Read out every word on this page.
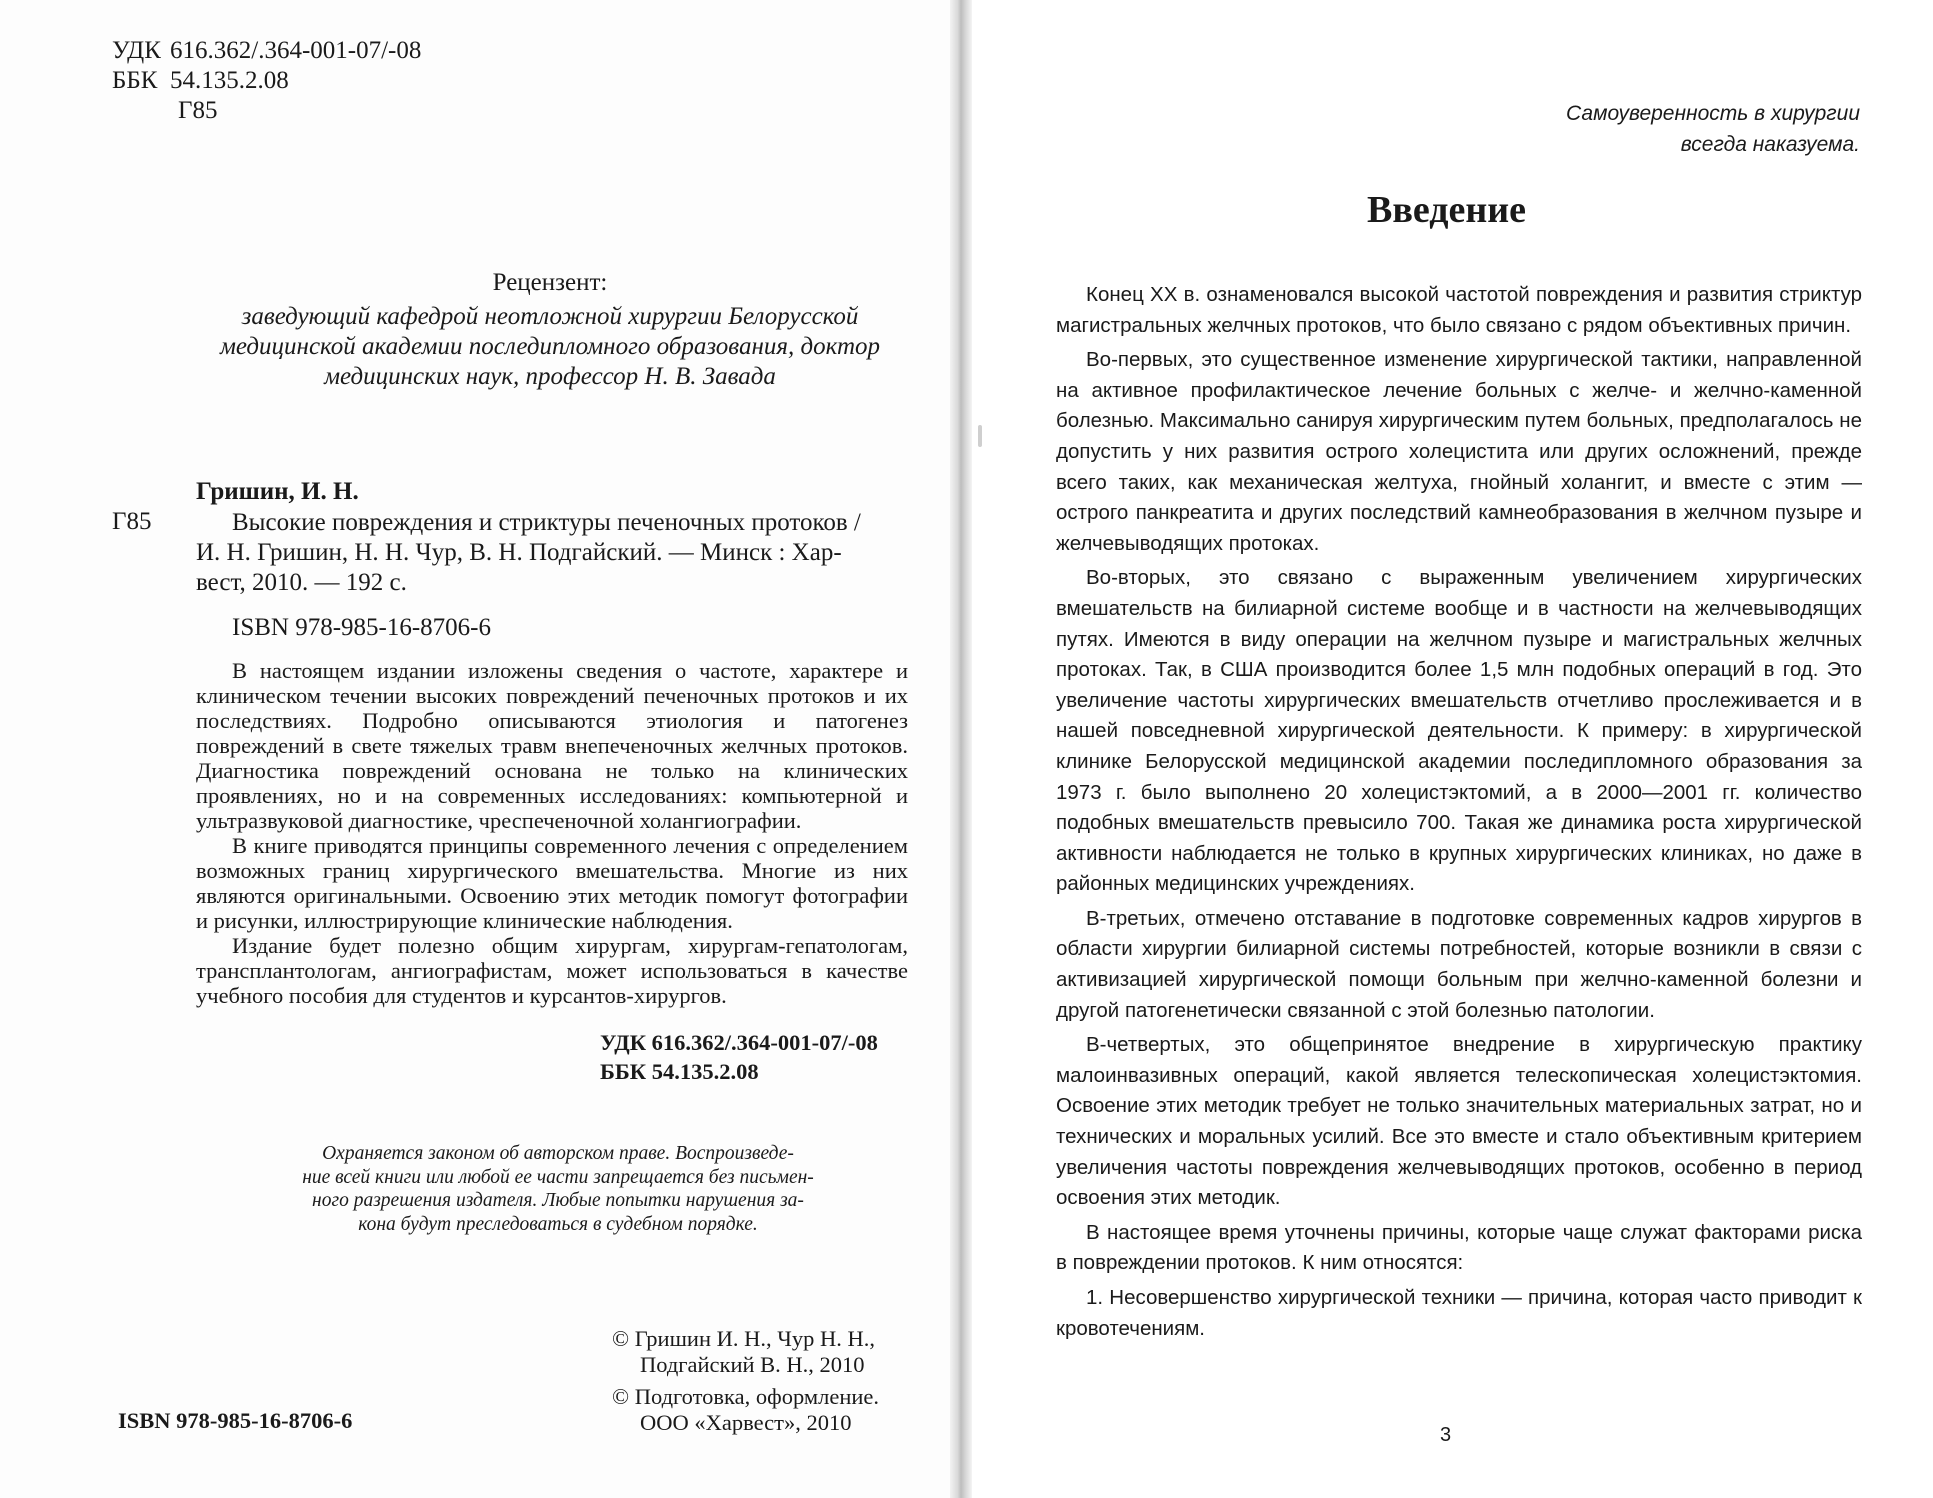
УДК 616.362/.364-001-07/-08
ББК 54.135.2.08
Г85
Рецензент:
заведующий кафедрой неотложной хирургии Белорусской
медицинской академии последипломного образования, доктор
медицинских наук, профессор Н. В. Завада
Гришин, И. Н.
Г85	Высокие повреждения и стриктуры печеночных протоков /
И. Н. Гришин, Н. Н. Чур, В. Н. Подгайский. — Минск : Хар-
вест, 2010. — 192 с.
ISBN 978-985-16-8706-6

В настоящем издании изложены сведения о частоте, характере и клиническом течении высоких повреждений печеночных протоков и их последствиях. Подробно описываются этиология и патогенез повреждений в свете тяжелых травм внепеченочных желчных протоков. Диагностика повреждений основана не только на клинических проявлениях, но и на современных исследованиях: компьютерной и ультразвуковой диагностике, чреспеченочной холангиографии.

В книге приводятся принципы современного лечения с определением возможных границ хирургического вмешательства. Многие из них являются оригинальными. Освоению этих методик помогут фотографии и рисунки, иллюстрирующие клинические наблюдения.

Издание будет полезно общим хирургам, хирургам-гепатологам, трансплантологам, ангиографистам, может использоваться в качестве учебного пособия для студентов и курсантов-хирургов.

УДК 616.362/.364-001-07/-08
ББК 54.135.2.08
Охраняется законом об авторском праве. Воспроизведе-
ние всей книги или любой ее части запрещается без письмен-
ного разрешения издателя. Любые попытки нарушения за-
кона будут преследоваться в судебном порядке.
© Гришин И. Н., Чур Н. Н.,
Подгайский В. Н., 2010
© Подготовка, оформление.
ООО «Харвест», 2010
ISBN 978-985-16-8706-6
Самоуверенность в хирургии
всегда наказуема.
Введение

Конец XX в. ознаменовался высокой частотой повреждения и развития стриктур магистральных желчных протоков, что было связано с рядом объективных причин.

Во-первых, это существенное изменение хирургической тактики, направленной на активное профилактическое лечение больных с желче- и желчно-каменной болезнью. Максимально санируя хирургическим путем больных, предполагалось не допустить у них развития острого холецистита или других осложнений, прежде всего таких, как механическая желтуха, гнойный холангит, и вместе с этим — острого панкреатита и других последствий камнеобразования в желчном пузыре и желчевыводящих протоках.

Во-вторых, это связано с выраженным увеличением хирургических вмешательств на билиарной системе вообще и в частности на желчевыводящих путях. Имеются в виду операции на желчном пузыре и магистральных желчных протоках. Так, в США производится более 1,5 млн подобных операций в год. Это увеличение частоты хирургических вмешательств отчетливо прослеживается и в нашей повседневной хирургической деятельности. К примеру: в хирургической клинике Белорусской медицинской академии последипломного образования за 1973 г. было выполнено 20 холецистэктомий, а в 2000—2001 гг. количество подобных вмешательств превысило 700. Такая же динамика роста хирургической активности наблюдается не только в крупных хирургических клиниках, но даже в районных медицинских учреждениях.

В-третьих, отмечено отставание в подготовке современных кадров хирургов в области хирургии билиарной системы потребностей, которые возникли в связи с активизацией хирургической помощи больным при желчно-каменной болезни и другой патогенетически связанной с этой болезнью патологии.

В-четвертых, это общепринятое внедрение в хирургическую практику малоинвазивных операций, какой является телескопическая холецистэктомия. Освоение этих методик требует не только значительных материальных затрат, но и технических и моральных усилий. Все это вместе и стало объективным критерием увеличения частоты повреждения желчевыводящих протоков, особенно в период освоения этих методик.

В настоящее время уточнены причины, которые чаще служат факторами риска в повреждении протоков. К ним относятся:

1. Несовершенство хирургической техники — причина, которая часто приводит к кровотечениям.

3
